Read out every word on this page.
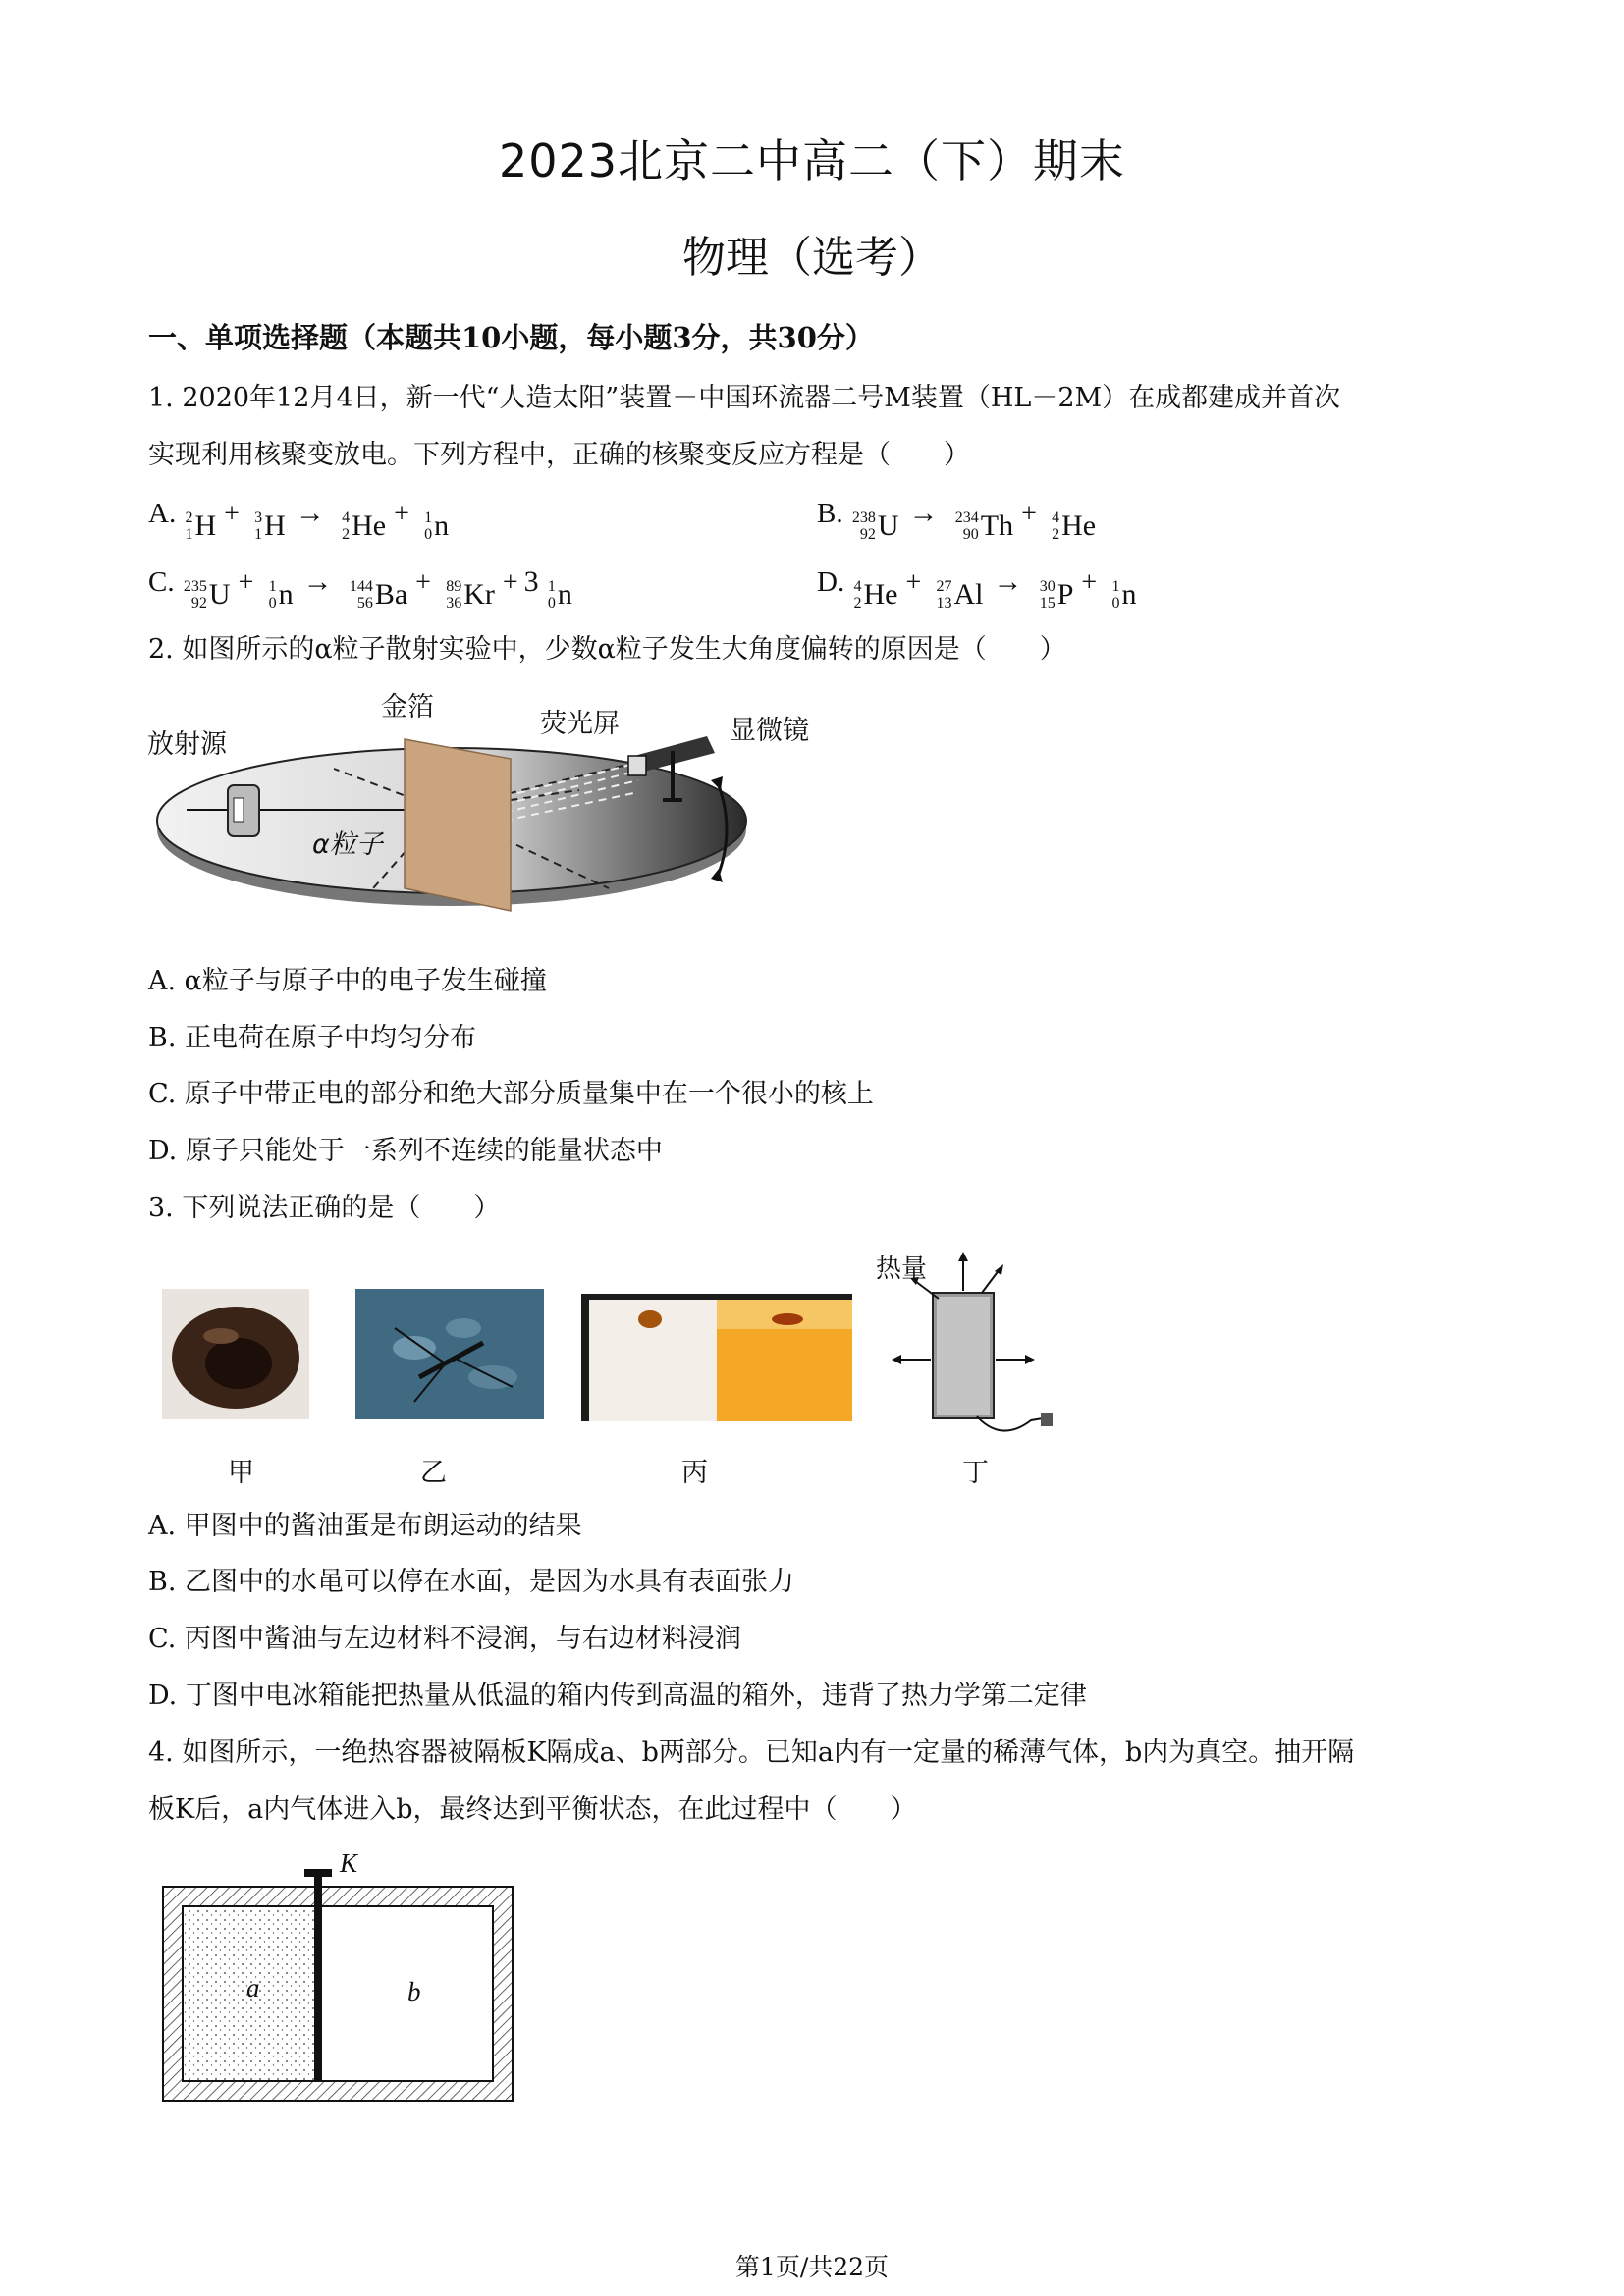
2023北京二中高二（下）期末
物理（选考）
一、单项选择题（本题共10小题，每小题3分，共30分）
1. 2020年12月4日，新一代“人造太阳”装置－中国环流器二号M装置（HL－2M）在成都建成并首次
实现利用核聚变放电。下列方程中，正确的核聚变反应方程是（　　）
A. 2
1 H + 3
1 H → 4
2 He + 1
0 n	B. 238
92 U → 234
90 Th + 4
2 He
C. 235
92 U + 1
0 n → 144
56 Ba + 89
36 Kr + 3 1
0 n	D. 4
2 He + 27
13 Al → 30
15 P + 1
0 n
2. 如图所示的α粒子散射实验中，少数α粒子发生大角度偏转的原因是（　　）
放射源
金箔
荧光屏	显微镜
α粒子
A. α粒子与原子中的电子发生碰撞
B. 正电荷在原子中均匀分布
C. 原子中带正电的部分和绝大部分质量集中在一个很小的核上
D. 原子只能处于一系列不连续的能量状态中
3. 下列说法正确的是（　　）
热量
甲	乙	丙	丁
A. 甲图中的酱油蛋是布朗运动的结果
B. 乙图中的水黾可以停在水面，是因为水具有表面张力
C. 丙图中酱油与左边材料不浸润，与右边材料浸润
D. 丁图中电冰箱能把热量从低温的箱内传到高温的箱外，违背了热力学第二定律
4. 如图所示，一绝热容器被隔板K隔成a、b两部分。已知a内有一定量的稀薄气体，b内为真空。抽开隔
板K后，a内气体进入b，最终达到平衡状态，在此过程中（　　）
K
a	b
第1页/共22页
